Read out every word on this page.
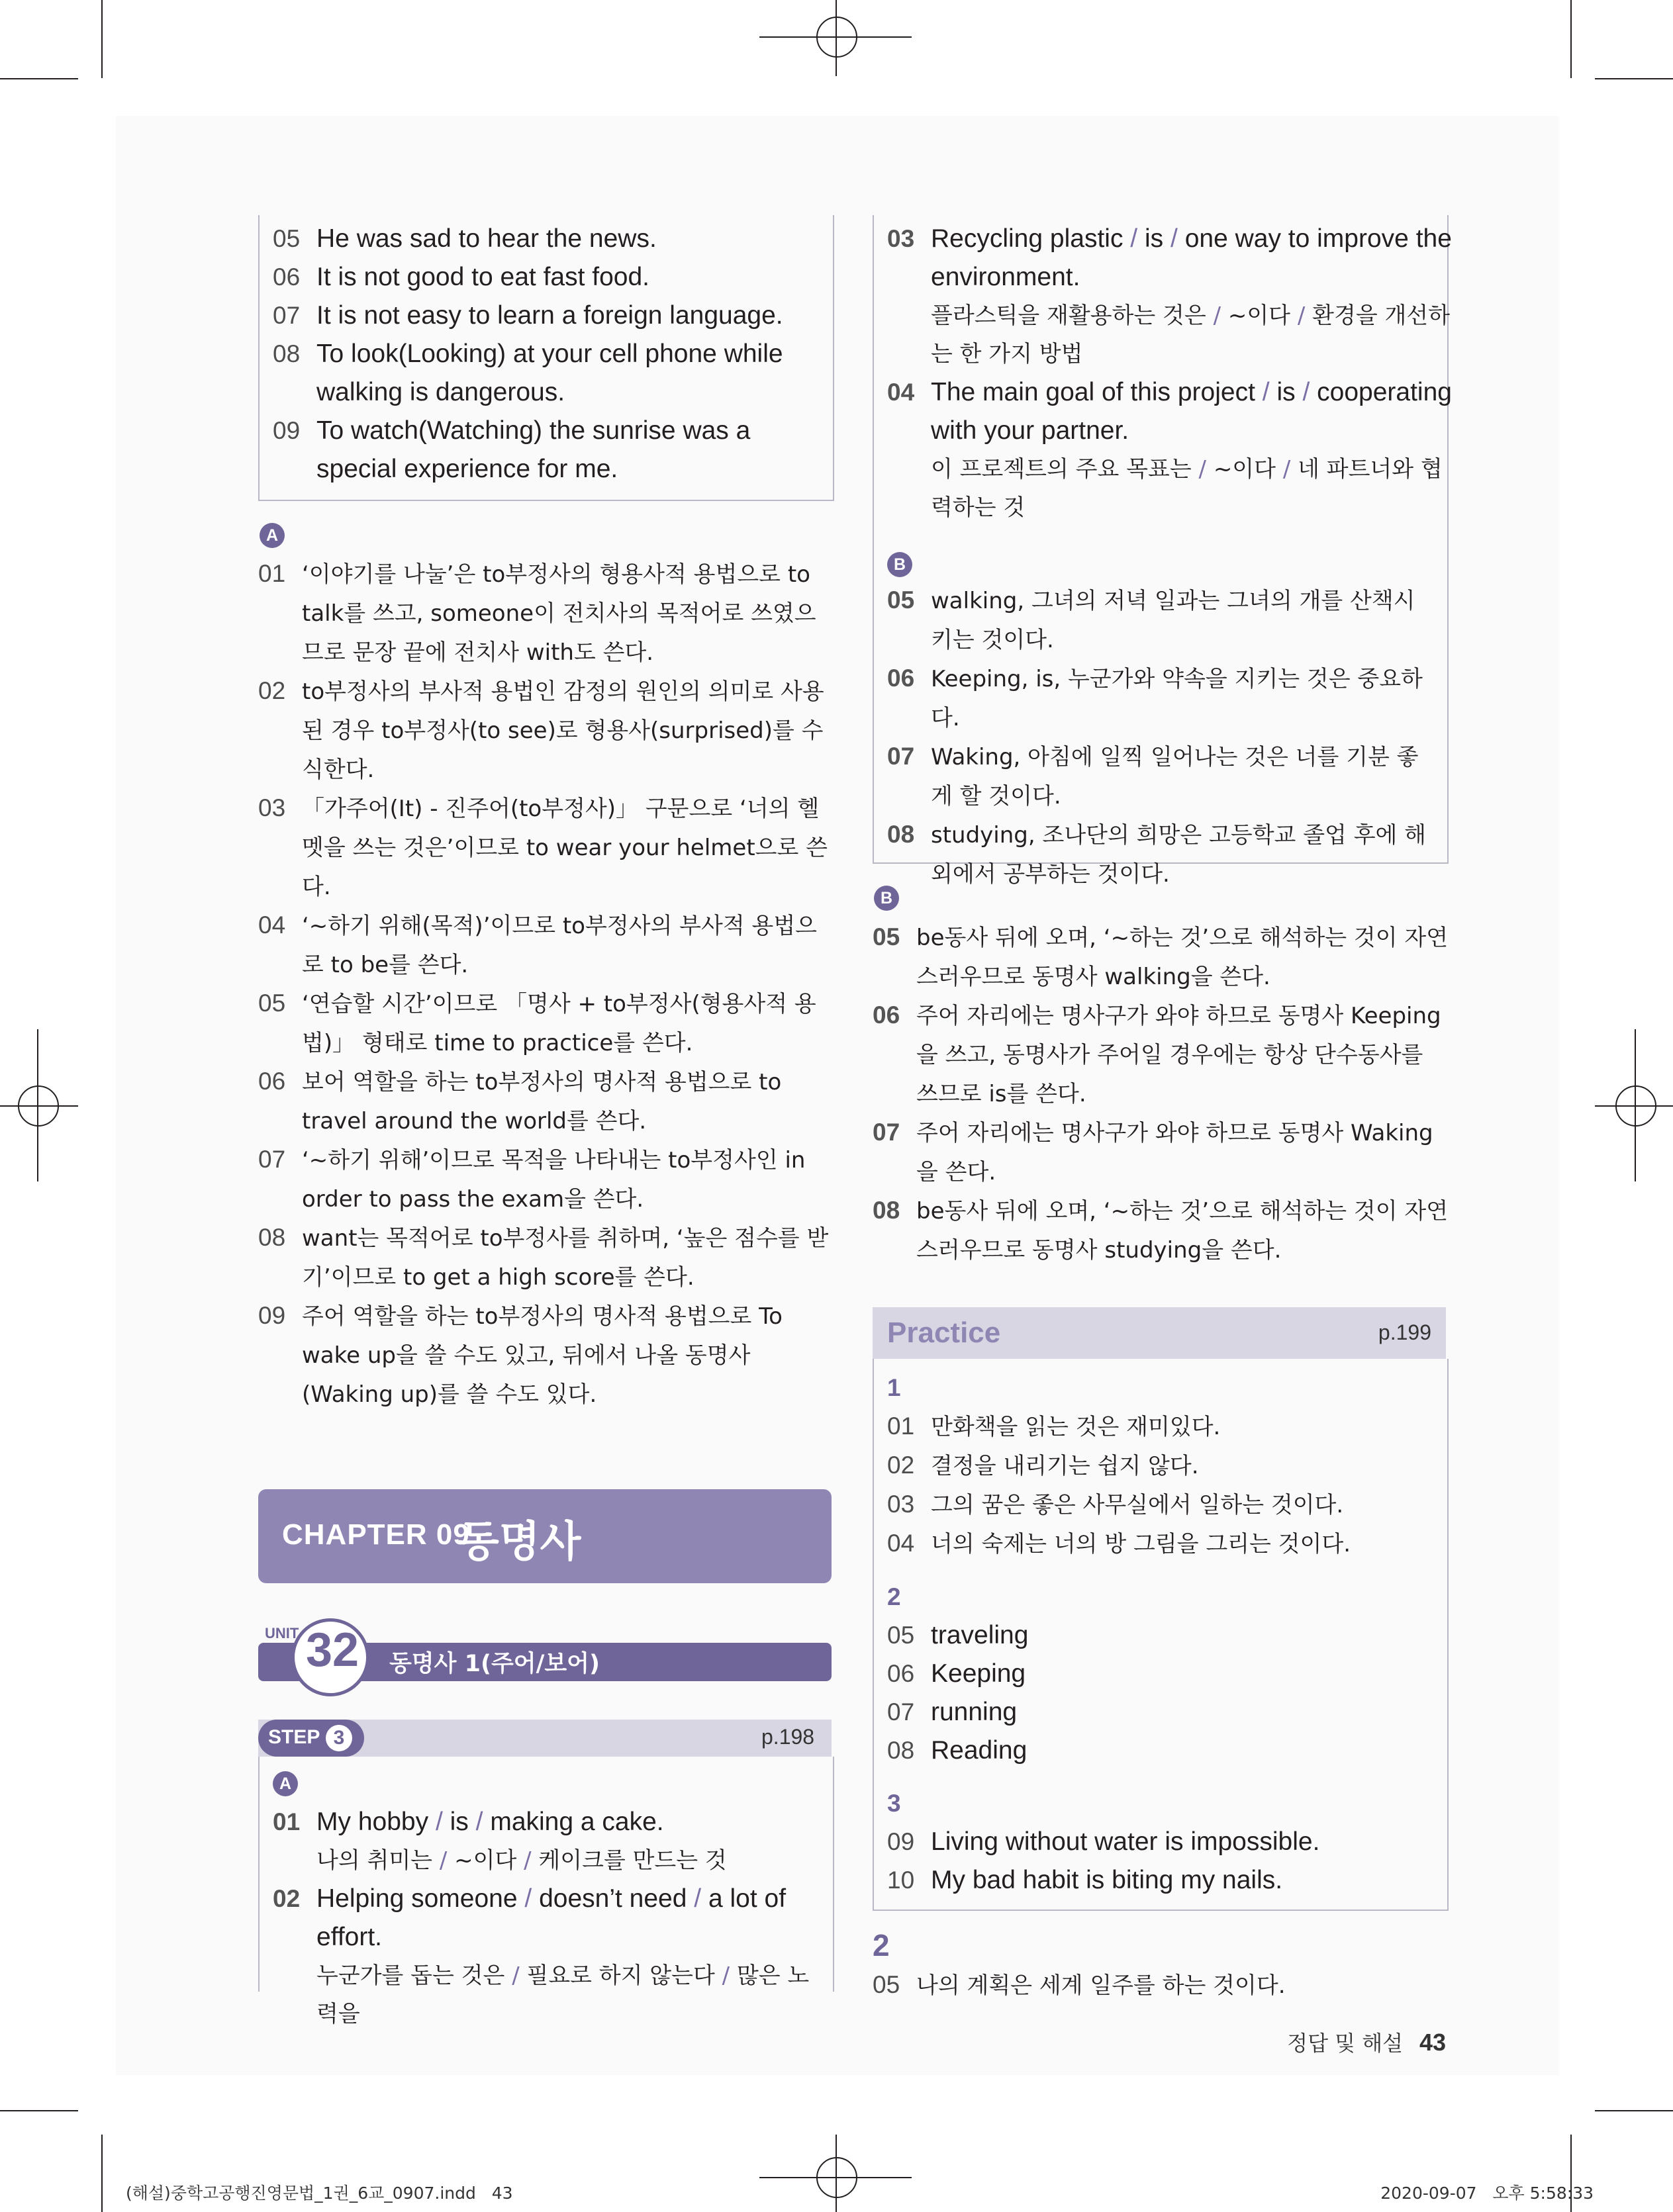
05 He was sad to hear the news.
06 It is not good to eat fast food.
07 It is not easy to learn a foreign language.
08 To look(Looking) at your cell phone while walking is dangerous.
09 To watch(Watching) the sunrise was a special experience for me.
A
01 ‘이야기를 나눌’은 to부정사의 형용사적 용법으로 to talk를 쓰고, someone이 전치사의 목적어로 쓰였으므로 문장 끝에 전치사 with도 쓴다.
02 to부정사의 부사적 용법인 감정의 원인의 의미로 사용된 경우 to부정사(to see)로 형용사(surprised)를 수식한다.
03 「가주어(It) - 진주어(to부정사)」 구문으로 ‘너의 헬멧을 쓰는 것은’이므로 to wear your helmet으로 쓴다.
04 ‘~하기 위해(목적)’이므로 to부정사의 부사적 용법으로 to be를 쓴다.
05 ‘연습할 시간’이므로 「명사 + to부정사(형용사적 용법)」 형태로 time to practice를 쓴다.
06 보어 역할을 하는 to부정사의 명사적 용법으로 to travel around the world를 쓴다.
07 ‘~하기 위해’이므로 목적을 나타내는 to부정사인 in order to pass the exam을 쓴다.
08 want는 목적어로 to부정사를 취하며, ‘높은 점수를 받기’이므로 to get a high score를 쓴다.
09 주어 역할을 하는 to부정사의 명사적 용법으로 To wake up을 쓸 수도 있고, 뒤에서 나올 동명사(Waking up)를 쓸 수도 있다.
CHAPTER 09
동명사
UNIT 32 동명사 1(주어/보어)
STEP 3	p.198
A
01 My hobby / is / making a cake.
나의 취미는 / ~이다 / 케이크를 만드는 것
02 Helping someone / doesn’t need / a lot of effort.
누군가를 돕는 것은 / 필요로 하지 않는다 / 많은 노력을
03 Recycling plastic / is / one way to improve the environment.
플라스틱을 재활용하는 것은 / ~이다 / 환경을 개선하는 한 가지 방법
04 The main goal of this project / is / cooperating with your partner.
이 프로젝트의 주요 목표는 / ~이다 / 네 파트너와 협력하는 것
B
05 walking, 그녀의 저녁 일과는 그녀의 개를 산책시키는 것이다.
06 Keeping, is, 누군가와 약속을 지키는 것은 중요하다.
07 Waking, 아침에 일찍 일어나는 것은 너를 기분 좋게 할 것이다.
08 studying, 조나단의 희망은 고등학교 졸업 후에 해외에서 공부하는 것이다.
B
05 be동사 뒤에 오며, ‘~하는 것’으로 해석하는 것이 자연스러우므로 동명사 walking을 쓴다.
06 주어 자리에는 명사구가 와야 하므로 동명사 Keeping을 쓰고, 동명사가 주어일 경우에는 항상 단수동사를 쓰므로 is를 쓴다.
07 주어 자리에는 명사구가 와야 하므로 동명사 Waking을 쓴다.
08 be동사 뒤에 오며, ‘~하는 것’으로 해석하는 것이 자연스러우므로 동명사 studying을 쓴다.
Practice	p.199
1
01 만화책을 읽는 것은 재미있다.
02 결정을 내리기는 쉽지 않다.
03 그의 꿈은 좋은 사무실에서 일하는 것이다.
04 너의 숙제는 너의 방 그림을 그리는 것이다.
2
05 traveling
06 Keeping
07 running
08 Reading
3
09 Living without water is impossible.
10 My bad habit is biting my nails.
2
05 나의 계획은 세계 일주를 하는 것이다.
정답 및 해설 43
(해설)중학고공행진영문법_1권_6교_0907.indd   43	2020-09-07   오후 5:58:33
